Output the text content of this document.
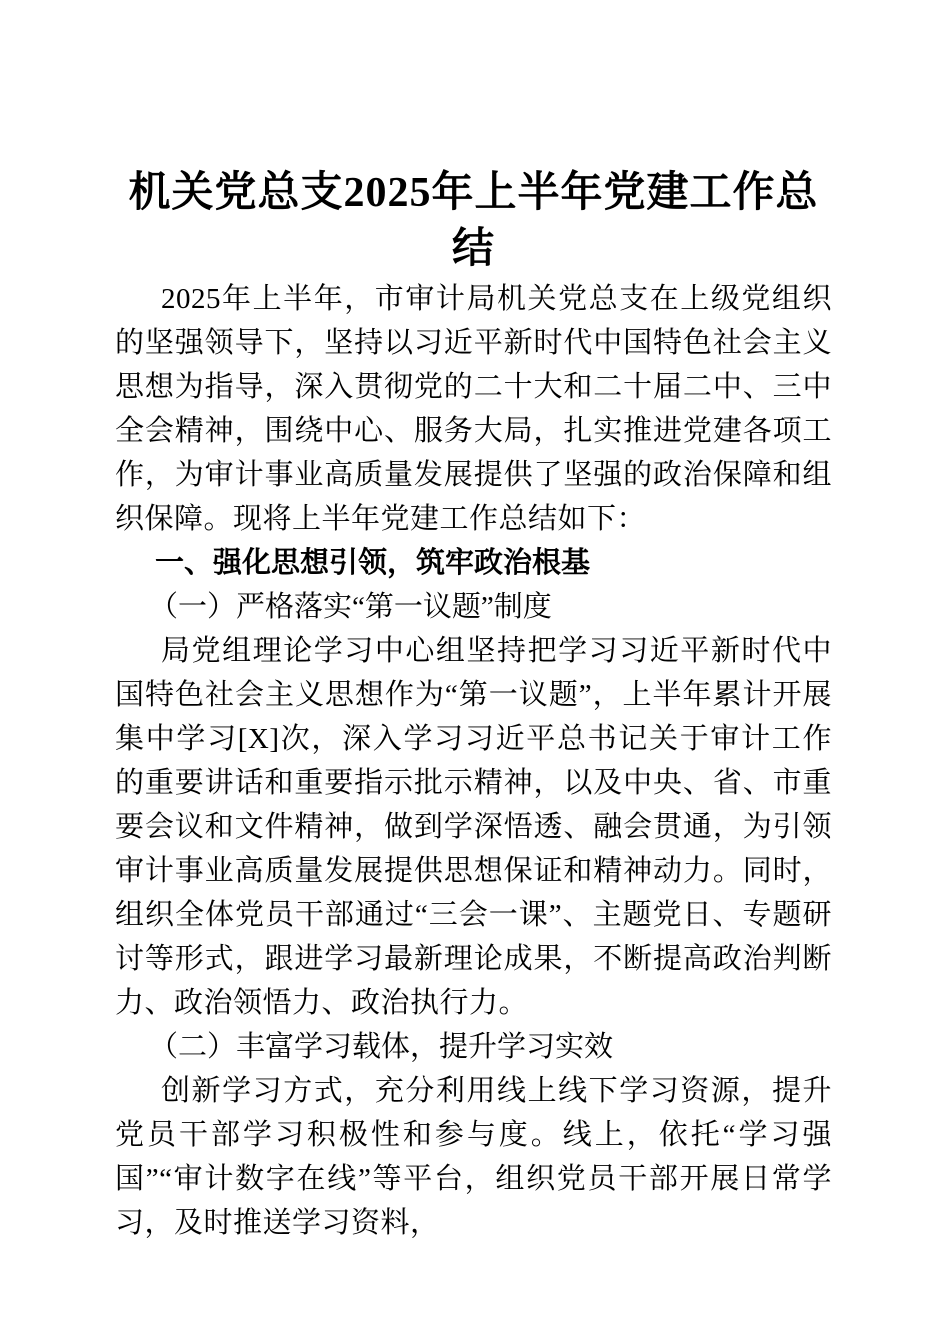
机关党总支2025年上半年党建工作总结

2025年上半年，市审计局机关党总支在上级党组织的坚强领导下，坚持以习近平新时代中国特色社会主义思想为指导，深入贯彻党的二十大和二十届二中、三中全会精神，围绕中心、服务大局，扎实推进党建各项工作，为审计事业高质量发展提供了坚强的政治保障和组织保障。现将上半年党建工作总结如下：

一、强化思想引领，筑牢政治根基
（一）严格落实“第一议题”制度

局党组理论学习中心组坚持把学习习近平新时代中国特色社会主义思想作为“第一议题”，上半年累计开展集中学习[X]次，深入学习习近平总书记关于审计工作的重要讲话和重要指示批示精神，以及中央、省、市重要会议和文件精神，做到学深悟透、融会贯通，为引领审计事业高质量发展提供思想保证和精神动力。同时，组织全体党员干部通过“三会一课”、主题党日、专题研讨等形式，跟进学习最新理论成果，不断提高政治判断力、政治领悟力、政治执行力。

（二）丰富学习载体，提升学习实效

创新学习方式，充分利用线上线下学习资源，提升党员干部学习积极性和参与度。线上，依托“学习强国”“审计数字在线”等平台，组织党员干部开展日常学习，及时推送学习资料，
